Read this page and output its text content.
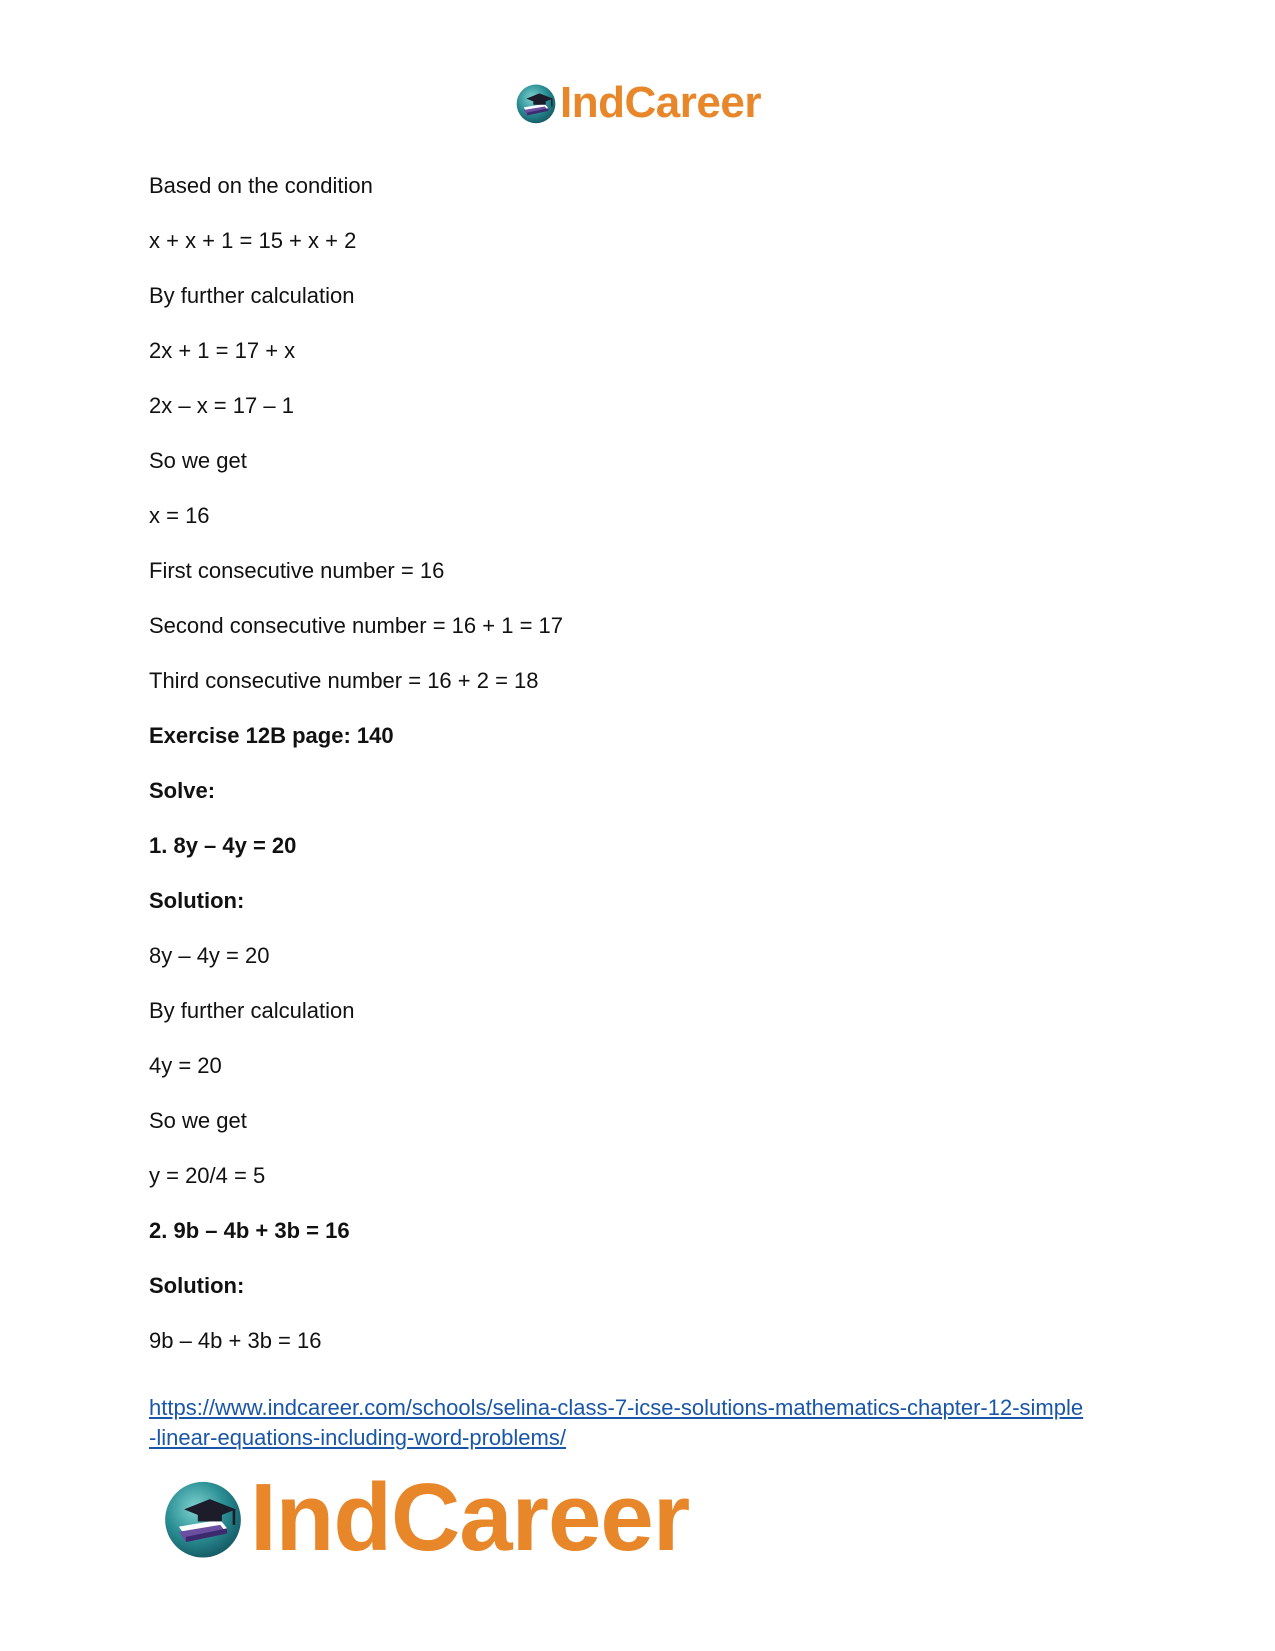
IndCareer
Based on the condition
x + x + 1 = 15 + x + 2
By further calculation
2x + 1 = 17 + x
2x – x = 17 – 1
So we get
x = 16
First consecutive number = 16
Second consecutive number = 16 + 1 = 17
Third consecutive number = 16 + 2 = 18
Exercise 12B page: 140
Solve:
1. 8y – 4y = 20
Solution:
8y – 4y = 20
By further calculation
4y = 20
So we get
y = 20/4 = 5
2. 9b – 4b + 3b = 16
Solution:
9b – 4b + 3b = 16
https://www.indcareer.com/schools/selina-class-7-icse-solutions-mathematics-chapter-12-simple
-linear-equations-including-word-problems/
IndCareer
